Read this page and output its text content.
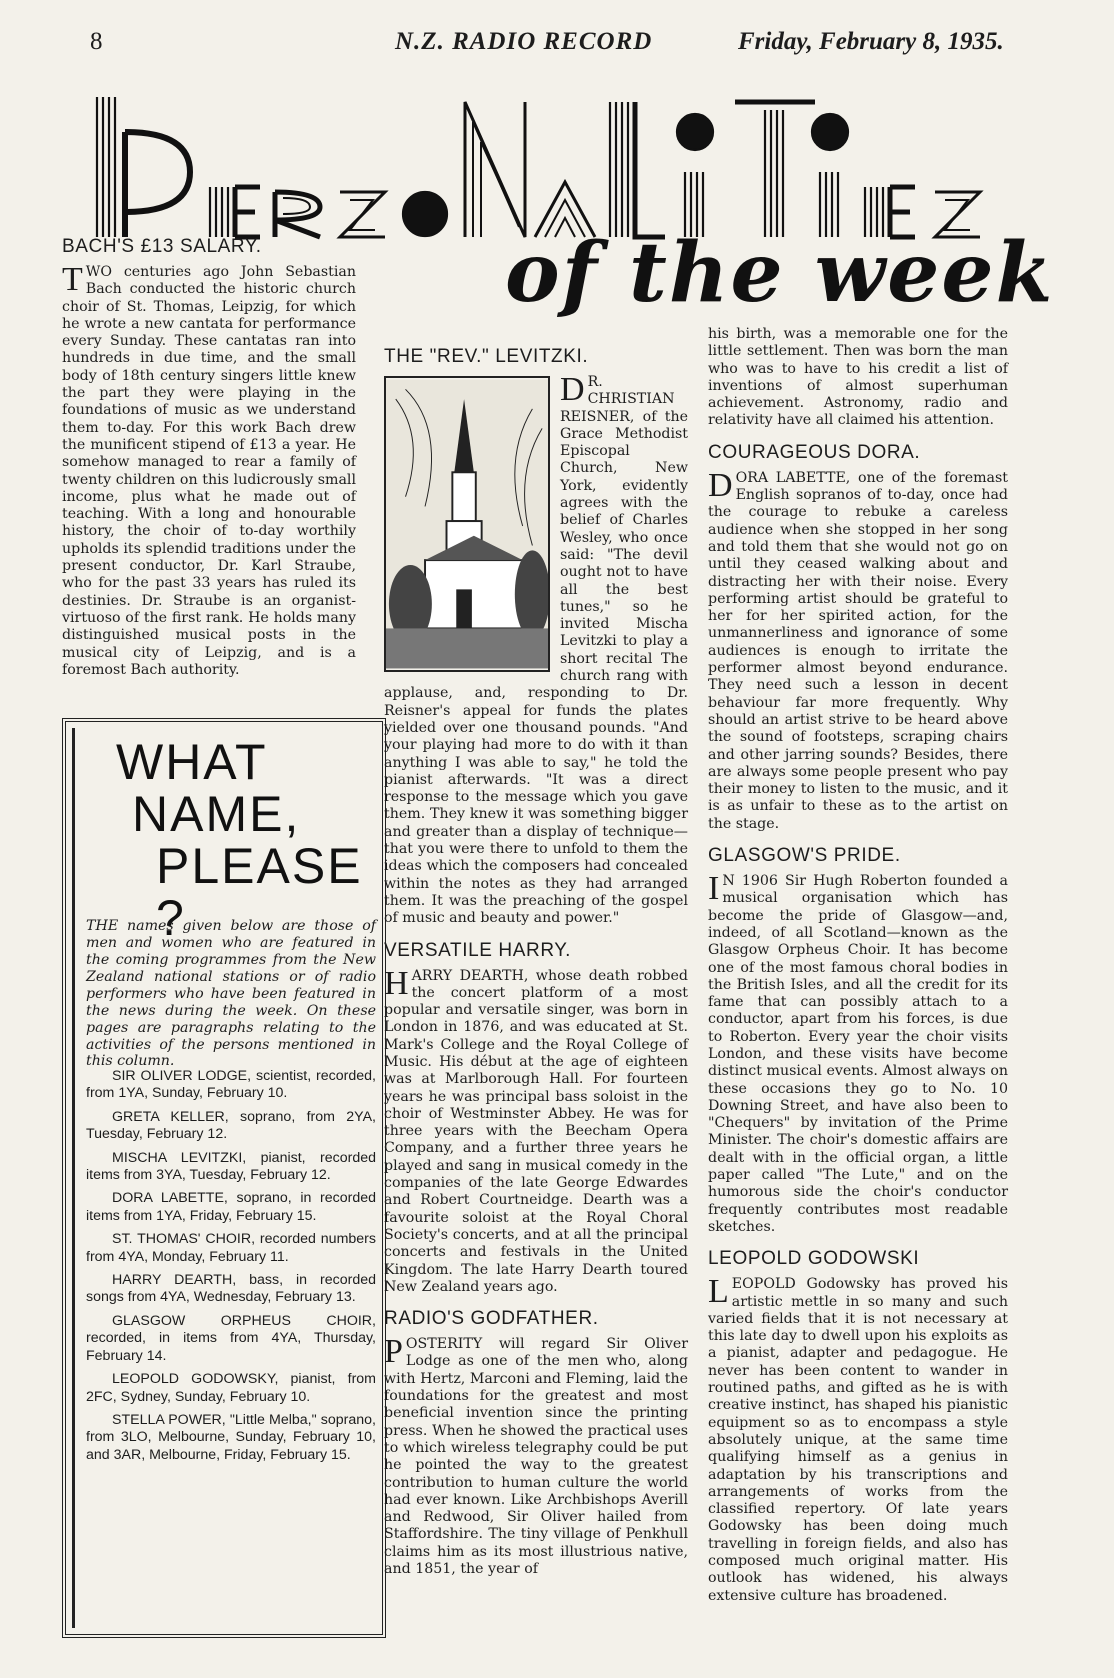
8	N.Z. RADIO RECORD	Friday, February 8, 1935.
of the week
BACH'S £13 SALARY.

TWO centuries ago John Sebastian Bach conducted the historic church choir of St. Thomas, Leipzig, for which he wrote a new cantata for performance every Sunday. These cantatas ran into hundreds in due time, and the small body of 18th century singers little knew the part they were playing in the foundations of music as we understand them to-day. For this work Bach drew the munificent stipend of £13 a year. He somehow managed to rear a family of twenty children on this ludicrously small income, plus what he made out of teaching. With a long and honourable history, the choir of to-day worthily upholds its splendid traditions under the present conductor, Dr. Karl Straube, who for the past 33 years has ruled its destinies. Dr. Straube is an organist-virtuoso of the first rank. He holds many distinguished musical posts in the musical city of Leipzig, and is a foremost Bach authority.

WHAT
NAME,
PLEASE ?

THE names given below are those of men and women who are featured in the coming programmes from the New Zealand national stations or of radio performers who have been featured in the news during the week. On these pages are paragraphs relating to the activities of the persons mentioned in this column.

SIR OLIVER LODGE, scientist, recorded, from 1YA, Sunday, February 10.

GRETA KELLER, soprano, from 2YA, Tuesday, February 12.

MISCHA LEVITZKI, pianist, recorded items from 3YA, Tuesday, February 12.

DORA LABETTE, soprano, in recorded items from 1YA, Friday, February 15.

ST. THOMAS' CHOIR, recorded numbers from 4YA, Monday, February 11.

HARRY DEARTH, bass, in recorded songs from 4YA, Wednesday, February 13.

GLASGOW ORPHEUS CHOIR, recorded, in items from 4YA, Thursday, February 14.

LEOPOLD GODOWSKY, pianist, from 2FC, Sydney, Sunday, February 10.

STELLA POWER, "Little Melba," soprano, from 3LO, Melbourne, Sunday, February 10, and 3AR, Melbourne, Friday, February 15.

THE "REV." LEVITZKI.

D R. CHRISTIAN REISNER, of the Grace Methodist Episcopal Church, New York, evidently agrees with the belief of Charles Wesley, who once said: "The devil ought not to have all the best tunes," so he invited Mischa Levitzki to play a short recital The church rang with applause, and, responding to Dr. Reisner's appeal for funds the plates yielded over one thousand pounds. "And your playing had more to do with it than anything I was able to say," he told the pianist afterwards. "It was a direct response to the message which you gave them. They knew it was something bigger and greater than a display of technique—that you were there to unfold to them the ideas which the composers had concealed within the notes as they had arranged them. It was the preaching of the gospel of music and beauty and power."

VERSATILE HARRY.

HARRY DEARTH, whose death robbed the concert platform of a most popular and versatile singer, was born in London in 1876, and was educated at St. Mark's College and the Royal College of Music. His début at the age of eighteen was at Marlborough Hall. For fourteen years he was principal bass soloist in the choir of Westminster Abbey. He was for three years with the Beecham Opera Company, and a further three years he played and sang in musical comedy in the companies of the late George Edwardes and Robert Courtneidge. Dearth was a favourite soloist at the Royal Choral Society's concerts, and at all the principal concerts and festivals in the United Kingdom. The late Harry Dearth toured New Zealand years ago.

RADIO'S GODFATHER.

POSTERITY will regard Sir Oliver Lodge as one of the men who, along with Hertz, Marconi and Fleming, laid the foundations for the greatest and most beneficial invention since the printing press. When he showed the practical uses to which wireless telegraphy could be put he pointed the way to the greatest contribution to human culture the world had ever known. Like Archbishops Averill and Redwood, Sir Oliver hailed from Staffordshire. The tiny village of Penkhull claims him as its most illustrious native, and 1851, the year of

his birth, was a memorable one for the little settlement. Then was born the man who was to have to his credit a list of inventions of almost superhuman achievement. Astronomy, radio and relativity have all claimed his attention.

COURAGEOUS DORA.

DORA LABETTE, one of the foremast English sopranos of to-day, once had the courage to rebuke a careless audience when she stopped in her song and told them that she would not go on until they ceased walking about and distracting her with their noise. Every performing artist should be grateful to her for her spirited action, for the unmannerliness and ignorance of some audiences is enough to irritate the performer almost beyond endurance. They need such a lesson in decent behaviour far more frequently. Why should an artist strive to be heard above the sound of footsteps, scraping chairs and other jarring sounds? Besides, there are always some people present who pay their money to listen to the music, and it is as unfair to these as to the artist on the stage.

GLASGOW'S PRIDE.

I N 1906 Sir Hugh Roberton founded a musical organisation which has become the pride of Glasgow—and, indeed, of all Scotland—known as the Glasgow Orpheus Choir. It has become one of the most famous choral bodies in the British Isles, and all the credit for its fame that can possibly attach to a conductor, apart from his forces, is due to Roberton. Every year the choir visits London, and these visits have become distinct musical events. Almost always on these occasions they go to No. 10 Downing Street, and have also been to "Chequers" by invitation of the Prime Minister. The choir's domestic affairs are dealt with in the official organ, a little paper called "The Lute," and on the humorous side the choir's conductor frequently contributes most readable sketches.

LEOPOLD GODOWSKI

LEOPOLD Godowsky has proved his artistic mettle in so many and such varied fields that it is not necessary at this late day to dwell upon his exploits as a pianist, adapter and pedagogue. He never has been content to wander in routined paths, and gifted as he is with creative instinct, has shaped his pianistic equipment so as to encompass a style absolutely unique, at the same time qualifying himself as a genius in adaptation by his transcriptions and arrangements of works from the classified repertory. Of late years Godowsky has been doing much travelling in foreign fields, and also has composed much original matter. His outlook has widened, his always extensive culture has broadened.
